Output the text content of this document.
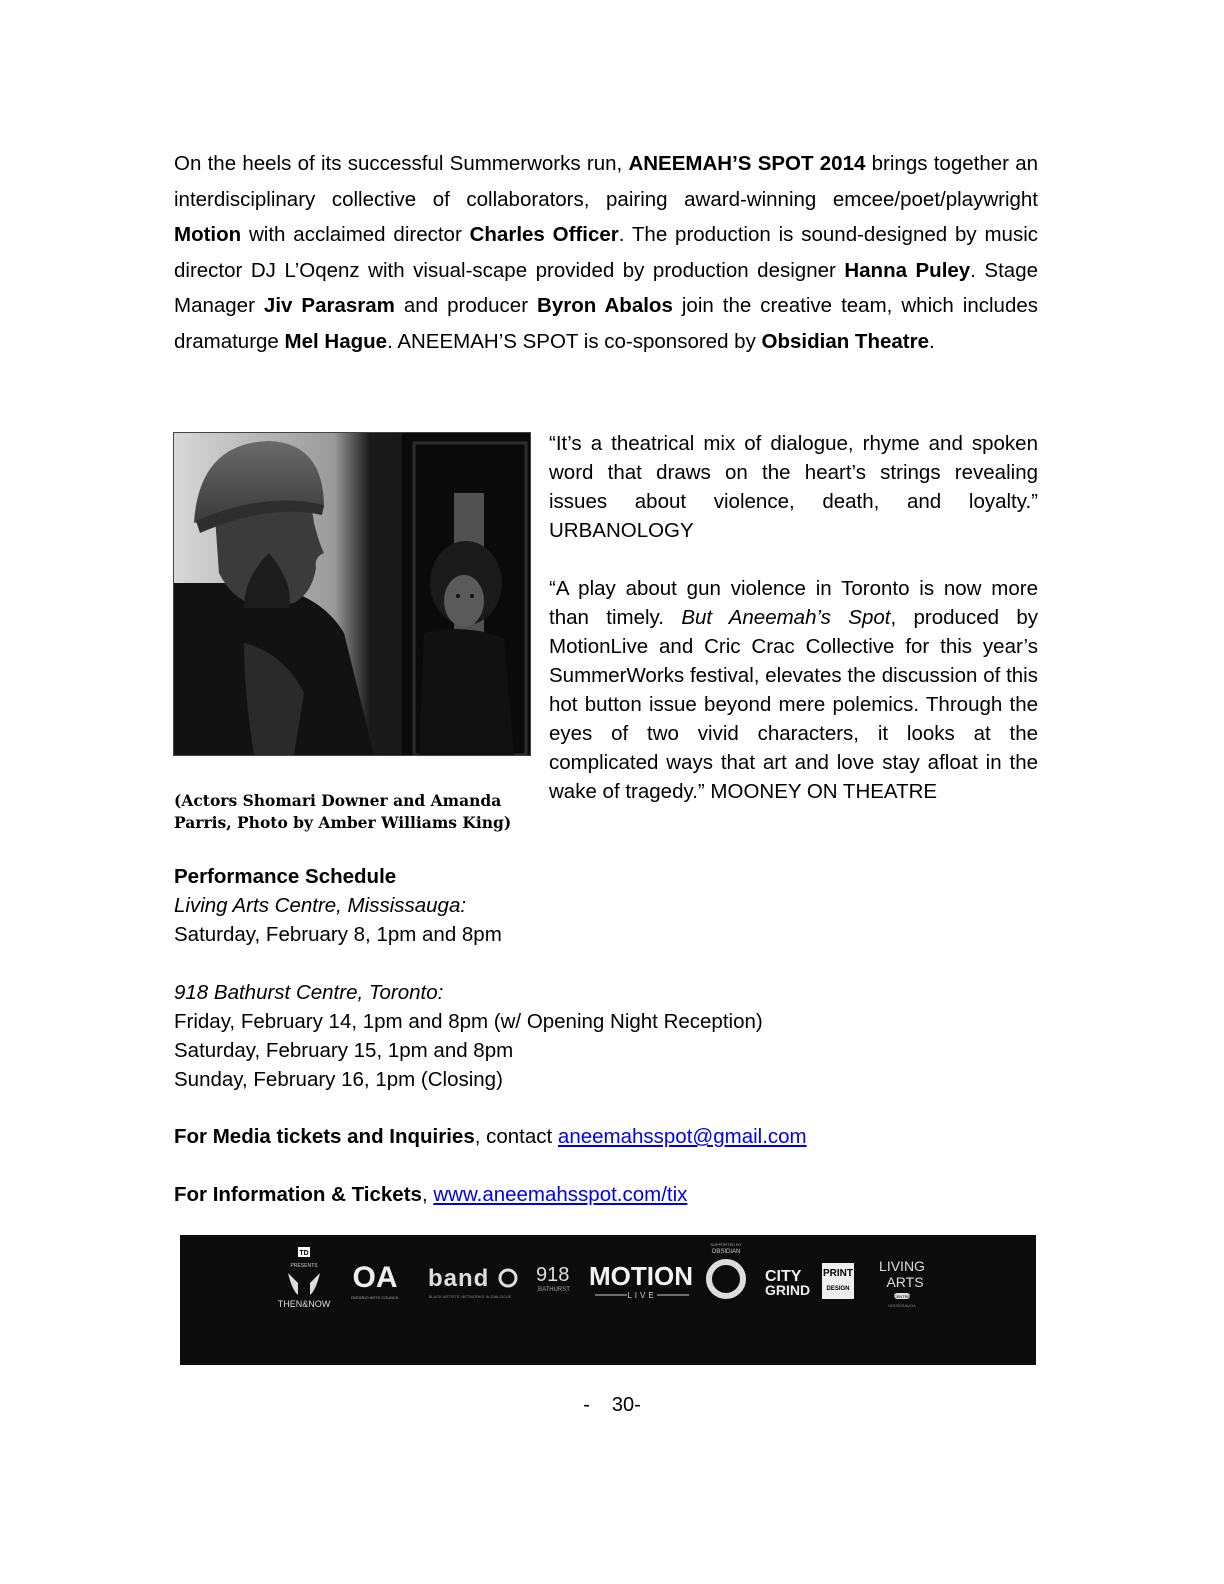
On the heels of its successful Summerworks run, ANEEMAH’S SPOT 2014 brings together an interdisciplinary collective of collaborators, pairing award-winning emcee/poet/playwright Motion with acclaimed director Charles Officer. The production is sound-designed by music director DJ L’Oqenz with visual-scape provided by production designer Hanna Puley. Stage Manager Jiv Parasram and producer Byron Abalos join the creative team, which includes dramaturge Mel Hague. ANEEMAH’S SPOT is co-sponsored by Obsidian Theatre.

(Actors Shomari Downer and Amanda Parris, Photo by Amber Williams King)

“It’s a theatrical mix of dialogue, rhyme and spoken word that draws on the heart’s strings revealing issues about violence, death, and loyalty.” URBANOLOGY

“A play about gun violence in Toronto is now more than timely. But Aneemah’s Spot, produced by MotionLive and Cric Crac Collective for this year’s SummerWorks festival, elevates the discussion of this hot button issue beyond mere polemics. Through the eyes of two vivid characters, it looks at the complicated ways that art and love stay afloat in the wake of tragedy.” MOONEY ON THEATRE

Performance Schedule

Living Arts Centre, Mississauga:

Saturday, February 8, 1pm and 8pm

918 Bathurst Centre, Toronto:

Friday, February 14, 1pm and 8pm (w/ Opening Night Reception)

Saturday, February 15, 1pm and 8pm

Sunday, February 16, 1pm (Closing)

For Media tickets and Inquiries, contact aneemahsspot@gmail.com
For Information & Tickets, www.aneemahsspot.com/tix
TD
PRESENTS
THEN&NOW
OA
ONTARIO ARTS COUNCIL
band
BLACK ARTISTS' NETWORKS IN DIALOGUE
918
BATHURST MOTION
LIVE
SUPPORTED BY
OBSIDIAN
CITY
GRIND
PRINT
DESIGN
LIVING
ARTS
CENTRE
MISSISSAUGA
- 30-
